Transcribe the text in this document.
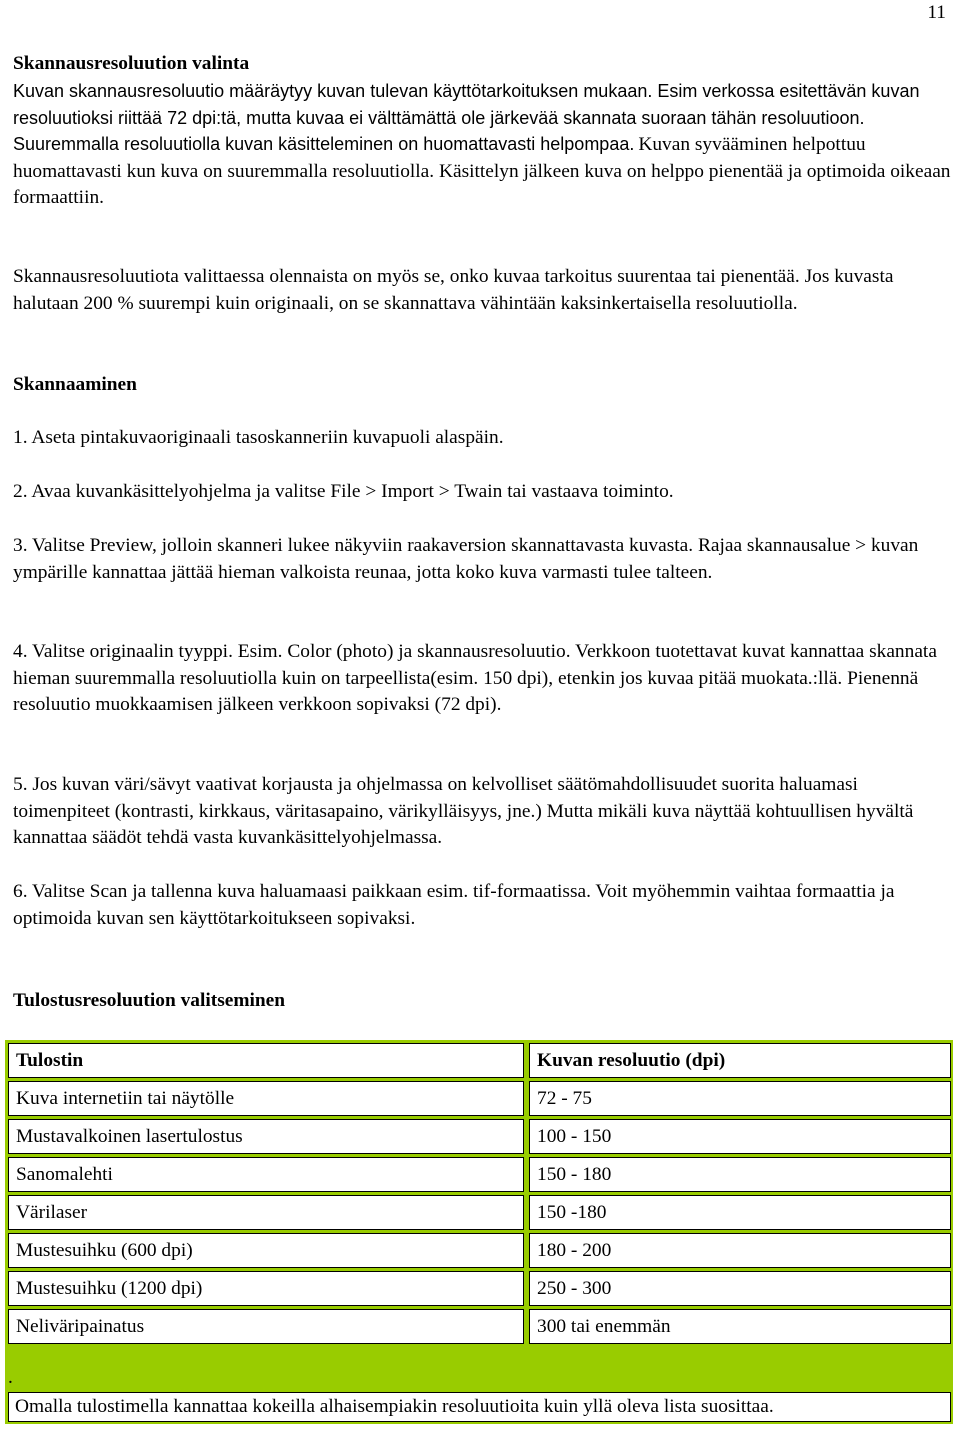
11
Skannausresoluution valinta

Kuvan skannausresoluutio määräytyy kuvan tulevan käyttötarkoituksen mukaan. Esim verkossa esitettävän kuvan resoluutioksi riittää 72 dpi:tä, mutta kuvaa ei välttämättä ole järkevää skannata suoraan tähän resoluutioon. Suuremmalla resoluutiolla kuvan käsitteleminen on huomattavasti helpompaa. Kuvan syvääminen helpottuu huomattavasti kun kuva on suuremmalla resoluutiolla. Käsittelyn jälkeen kuva on helppo pienentää ja optimoida oikeaan formaattiin.

Skannausresoluutiota valittaessa olennaista on myös se, onko kuvaa tarkoitus suurentaa tai pienentää. Jos kuvasta halutaan 200 % suurempi kuin originaali, on se skannattava vähintään kaksinkertaisella resoluutiolla.

Skannaaminen

1. Aseta pintakuvaoriginaali tasoskanneriin kuvapuoli alaspäin.

2. Avaa kuvankäsittelyohjelma ja valitse File > Import > Twain tai vastaava toiminto.

3. Valitse Preview, jolloin skanneri lukee näkyviin raakaversion skannattavasta kuvasta. Rajaa skannausalue > kuvan ympärille kannattaa jättää hieman valkoista reunaa, jotta koko kuva varmasti tulee talteen.

4. Valitse originaalin tyyppi. Esim. Color (photo) ja skannausresoluutio. Verkkoon tuotettavat kuvat kannattaa skannata hieman suuremmalla resoluutiolla kuin on tarpeellista(esim. 150 dpi), etenkin jos kuvaa pitää muokata.:llä. Pienennä resoluutio muokkaamisen jälkeen verkkoon sopivaksi (72 dpi).

5. Jos kuvan väri/sävyt vaativat korjausta ja ohjelmassa on kelvolliset säätömahdollisuudet suorita haluamasi toimenpiteet (kontrasti, kirkkaus, väritasapaino, värikylläisyys, jne.) Mutta mikäli kuva näyttää kohtuullisen hyvältä kannattaa säädöt tehdä vasta kuvankäsittelyohjelmassa.

6. Valitse Scan ja tallenna kuva haluamaasi paikkaan esim. tif-formaatissa. Voit myöhemmin vaihtaa formaattia ja optimoida kuvan sen käyttötarkoitukseen sopivaksi.

Tulostusresoluution valitseminen
Tulostin	Kuvan resoluutio (dpi)
Kuva internetiin tai näytölle	72 - 75
Mustavalkoinen lasertulostus	100 - 150
Sanomalehti	150 - 180
Värilaser	150 -180
Mustesuihku (600 dpi)	180 - 200
Mustesuihku (1200 dpi)	250 - 300
Neliväripainatus	300 tai enemmän
.
Omalla tulostimella kannattaa kokeilla alhaisempiakin resoluutioita kuin yllä oleva lista suosittaa.
